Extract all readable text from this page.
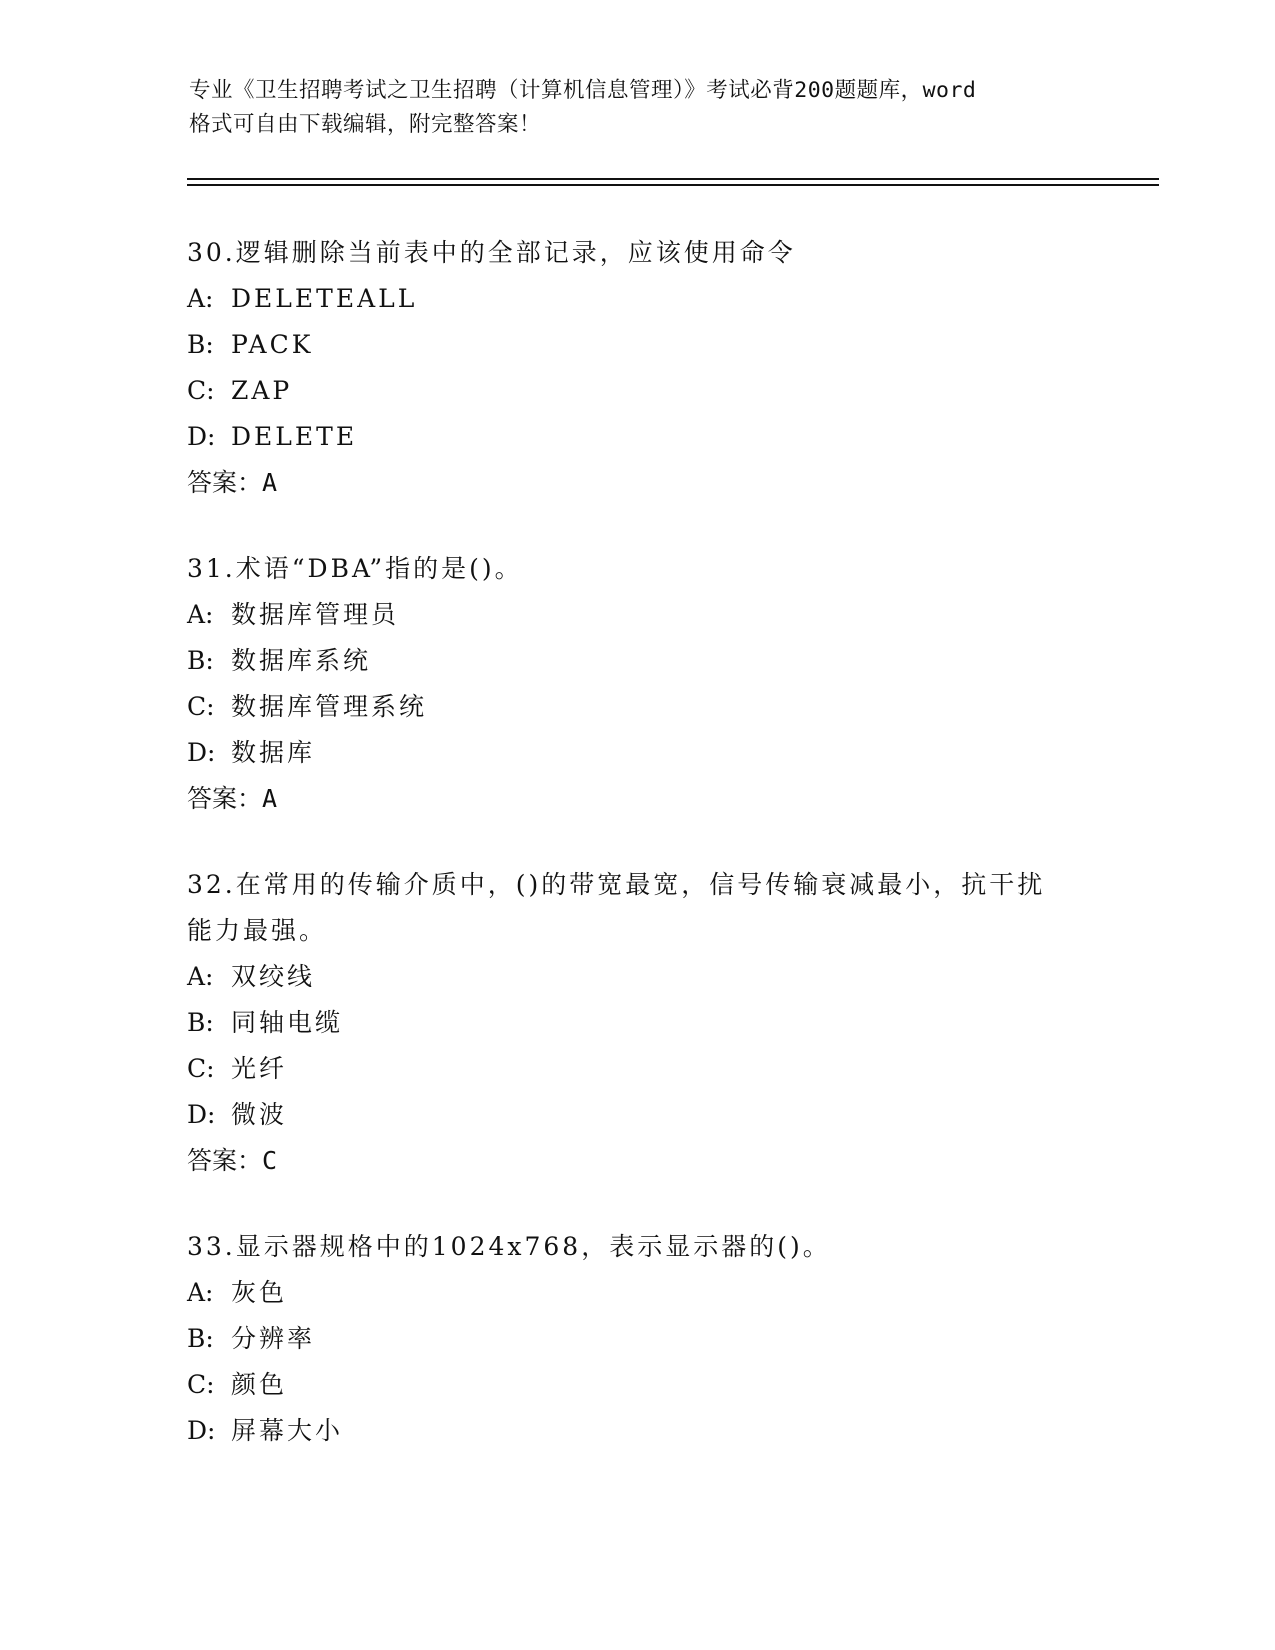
专业《卫生招聘考试之卫生招聘（计算机信息管理）》考试必背200题题库，word
格式可自由下载编辑，附完整答案！
30.逻辑删除当前表中的全部记录，应该使用命令
A: DELETEALL
B: PACK
C: ZAP
D: DELETE
答案：A
31.术语“DBA”指的是()。
A: 数据库管理员
B: 数据库系统
C: 数据库管理系统
D: 数据库
答案：A
32.在常用的传输介质中，()的带宽最宽，信号传输衰减最小，抗干扰
能力最强。
A: 双绞线
B: 同轴电缆
C: 光纤
D: 微波
答案：C
33.显示器规格中的1024x768，表示显示器的()。
A: 灰色
B: 分辨率
C: 颜色
D: 屏幕大小
